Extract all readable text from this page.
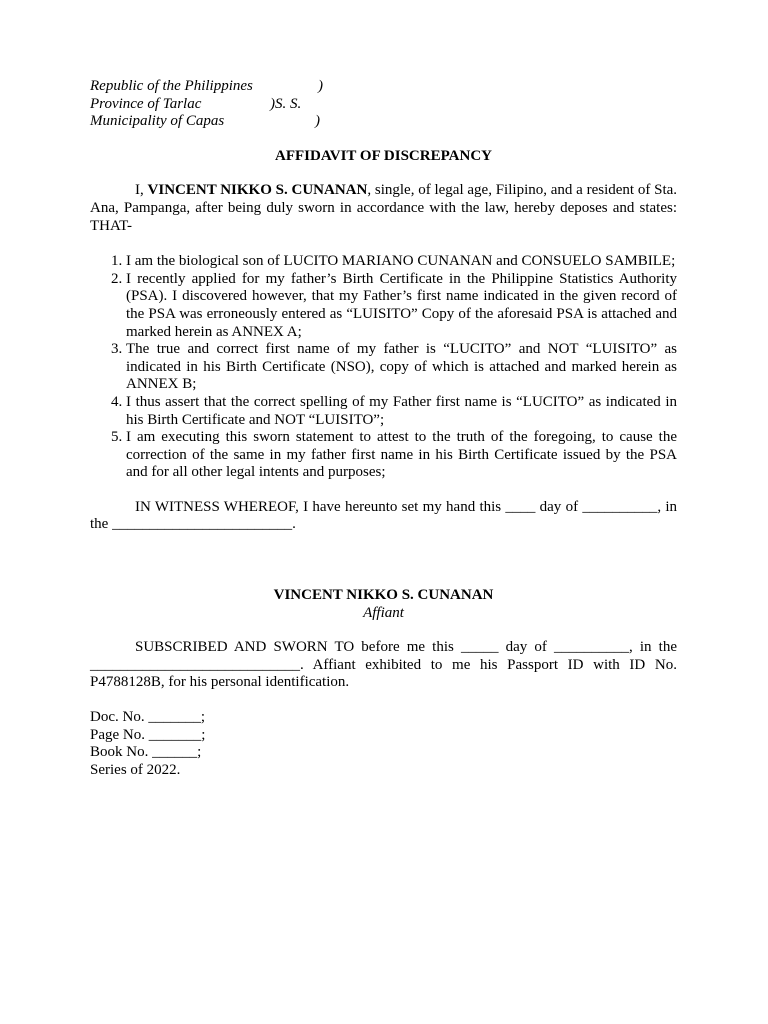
Republic of the Philippines	)
Province of Tarlac	)S. S.
Municipality of Capas	)
AFFIDAVIT OF DISCREPANCY
I, VINCENT NIKKO S. CUNANAN, single, of legal age, Filipino, and a resident of Sta. Ana, Pampanga, after being duly sworn in accordance with the law, hereby deposes and states: THAT-
1. I am the biological son of LUCITO MARIANO CUNANAN and CONSUELO SAMBILE;
2. I recently applied for my father’s Birth Certificate in the Philippine Statistics Authority (PSA). I discovered however, that my Father’s first name indicated in the given record of the PSA was erroneously entered as “LUISITO” Copy of the aforesaid PSA is attached and marked herein as ANNEX A;
3. The true and correct first name of my father is “LUCITO” and NOT “LUISITO” as indicated in his Birth Certificate (NSO), copy of which is attached and marked herein as ANNEX B;
4. I thus assert that the correct spelling of my Father first name is “LUCITO” as indicated in his Birth Certificate and NOT “LUISITO”;
5. I am executing this sworn statement to attest to the truth of the foregoing, to cause the correction of the same in my father first name in his Birth Certificate issued by the PSA and for all other legal intents and purposes;
IN WITNESS WHEREOF, I have hereunto set my hand this ____ day of __________, in the ________________________.
VINCENT NIKKO S. CUNANAN
Affiant
SUBSCRIBED AND SWORN TO before me this _____ day of __________, in the ____________________________. Affiant exhibited to me his Passport ID with ID No. P4788128B, for his personal identification.
Doc. No. _______;
Page No. _______;
Book No. ______;
Series of 2022.
